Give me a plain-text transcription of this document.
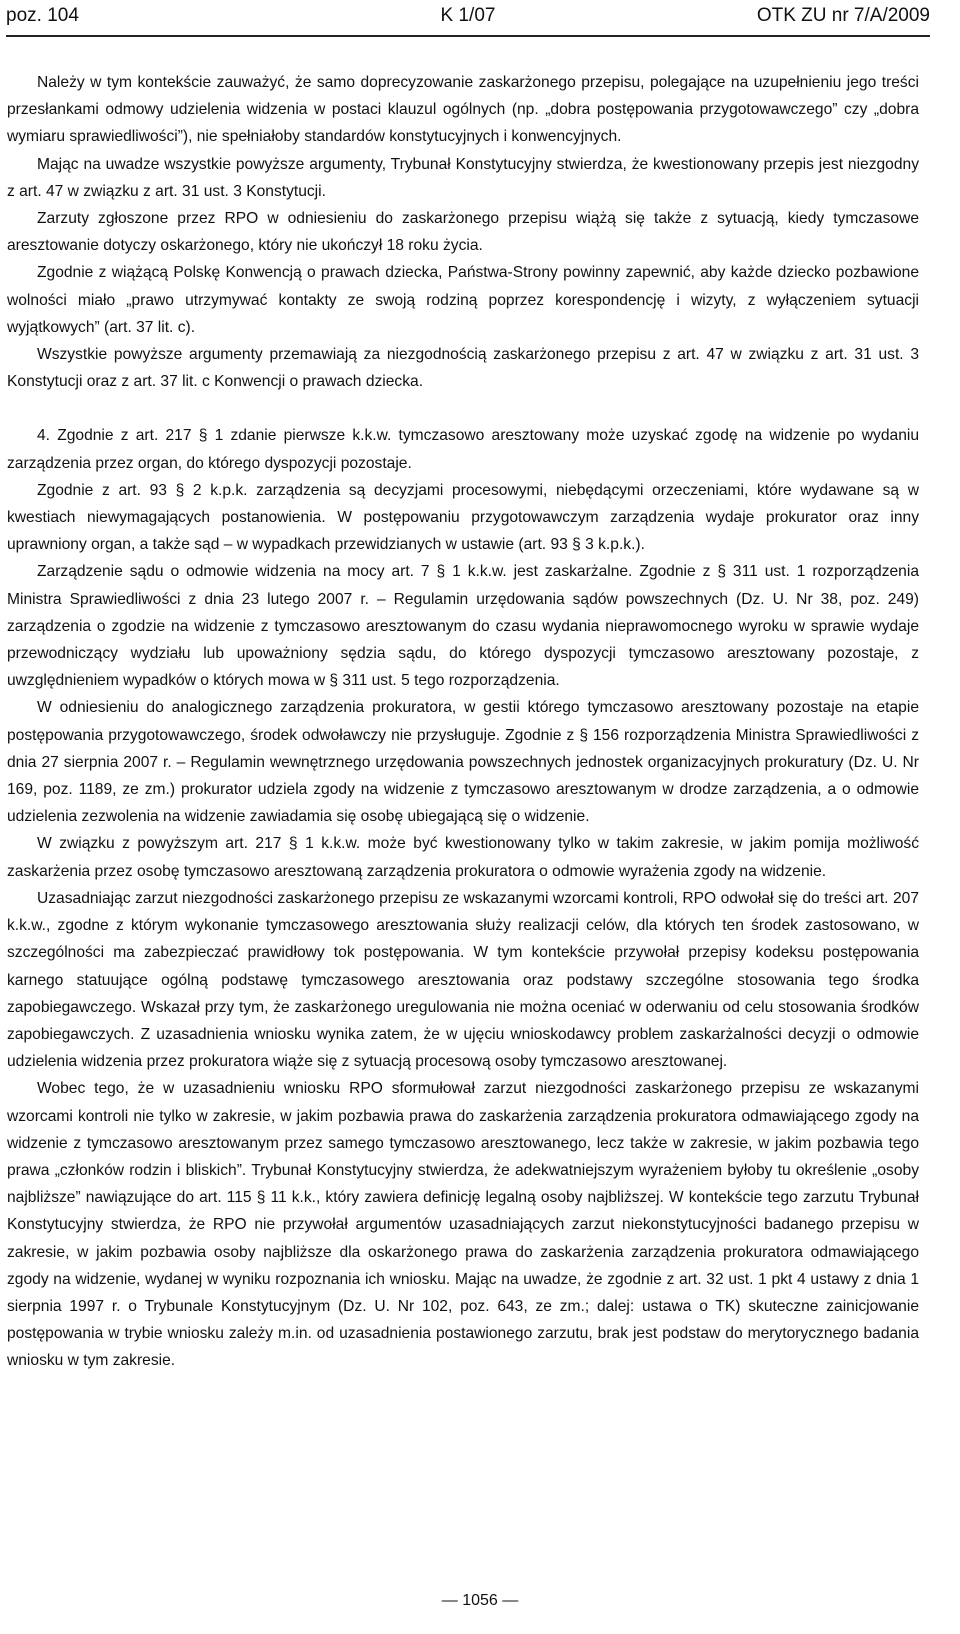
K 1/07
poz. 104	OTK ZU nr 7/A/2009

Należy w tym kontekście zauważyć, że samo doprecyzowanie zaskarżonego przepisu, polegające na uzupełnieniu jego treści przesłankami odmowy udzielenia widzenia w postaci klauzul ogólnych (np. „dobra postępowania przygotowawczego” czy „dobra wymiaru sprawiedliwości”), nie spełniałoby standardów konstytucyjnych i konwencyjnych.

Mając na uwadze wszystkie powyższe argumenty, Trybunał Konstytucyjny stwierdza, że kwestionowany przepis jest niezgodny z art. 47 w związku z art. 31 ust. 3 Konstytucji.

Zarzuty zgłoszone przez RPO w odniesieniu do zaskarżonego przepisu wiążą się także z sytuacją, kiedy tymczasowe aresztowanie dotyczy oskarżonego, który nie ukończył 18 roku życia.

Zgodnie z wiążącą Polskę Konwencją o prawach dziecka, Państwa-Strony powinny zapewnić, aby każde dziecko pozbawione wolności miało „prawo utrzymywać kontakty ze swoją rodziną poprzez korespondencję i wizyty, z wyłączeniem sytuacji wyjątkowych” (art. 37 lit. c).

Wszystkie powyższe argumenty przemawiają za niezgodnością zaskarżonego przepisu z art. 47 w związku z art. 31 ust. 3 Konstytucji oraz z art. 37 lit. c Konwencji o prawach dziecka.

4. Zgodnie z art. 217 § 1 zdanie pierwsze k.k.w. tymczasowo aresztowany może uzyskać zgodę na widzenie po wydaniu zarządzenia przez organ, do którego dyspozycji pozostaje.

Zgodnie z art. 93 § 2 k.p.k. zarządzenia są decyzjami procesowymi, niebędącymi orzeczeniami, które wydawane są w kwestiach niewymagających postanowienia. W postępowaniu przygotowawczym zarządzenia wydaje prokurator oraz inny uprawniony organ, a także sąd – w wypadkach przewidzianych w ustawie (art. 93 § 3 k.p.k.).

Zarządzenie sądu o odmowie widzenia na mocy art. 7 § 1 k.k.w. jest zaskarżalne. Zgodnie z § 311 ust. 1 rozporządzenia Ministra Sprawiedliwości z dnia 23 lutego 2007 r. – Regulamin urzędowania sądów powszechnych (Dz. U. Nr 38, poz. 249) zarządzenia o zgodzie na widzenie z tymczasowo aresztowanym do czasu wydania nieprawomocnego wyroku w sprawie wydaje przewodniczący wydziału lub upoważniony sędzia sądu, do którego dyspozycji tymczasowo aresztowany pozostaje, z uwzględnieniem wypadków o których mowa w § 311 ust. 5 tego rozporządzenia.

W odniesieniu do analogicznego zarządzenia prokuratora, w gestii którego tymczasowo aresztowany pozostaje na etapie postępowania przygotowawczego, środek odwoławczy nie przysługuje. Zgodnie z § 156 rozporządzenia Ministra Sprawiedliwości z dnia 27 sierpnia 2007 r. – Regulamin wewnętrznego urzędowania powszechnych jednostek organizacyjnych prokuratury (Dz. U. Nr 169, poz. 1189, ze zm.) prokurator udziela zgody na widzenie z tymczasowo aresztowanym w drodze zarządzenia, a o odmowie udzielenia zezwolenia na widzenie zawiadamia się osobę ubiegającą się o widzenie.

W związku z powyższym art. 217 § 1 k.k.w. może być kwestionowany tylko w takim zakresie, w jakim pomija możliwość zaskarżenia przez osobę tymczasowo aresztowaną zarządzenia prokuratora o odmowie wyrażenia zgody na widzenie.

Uzasadniając zarzut niezgodności zaskarżonego przepisu ze wskazanymi wzorcami kontroli, RPO odwołał się do treści art. 207 k.k.w., zgodne z którym wykonanie tymczasowego aresztowania służy realizacji celów, dla których ten środek zastosowano, w szczególności ma zabezpieczać prawidłowy tok postępowania. W tym kontekście przywołał przepisy kodeksu postępowania karnego statuujące ogólną podstawę tymczasowego aresztowania oraz podstawy szczególne stosowania tego środka zapobiegawczego. Wskazał przy tym, że zaskarżonego uregulowania nie można oceniać w oderwaniu od celu stosowania środków zapobiegawczych. Z uzasadnienia wniosku wynika zatem, że w ujęciu wnioskodawcy problem zaskarżalności decyzji o odmowie udzielenia widzenia przez prokuratora wiąże się z sytuacją procesową osoby tymczasowo aresztowanej.

Wobec tego, że w uzasadnieniu wniosku RPO sformułował zarzut niezgodności zaskarżonego przepisu ze wskazanymi wzorcami kontroli nie tylko w zakresie, w jakim pozbawia prawa do zaskarżenia zarządzenia prokuratora odmawiającego zgody na widzenie z tymczasowo aresztowanym przez samego tymczasowo aresztowanego, lecz także w zakresie, w jakim pozbawia tego prawa „członków rodzin i bliskich”. Trybunał Konstytucyjny stwierdza, że adekwatniejszym wyrażeniem byłoby tu określenie „osoby najbliższe” nawiązujące do art. 115 § 11 k.k., który zawiera definicję legalną osoby najbliższej. W kontekście tego zarzutu Trybunał Konstytucyjny stwierdza, że RPO nie przywołał argumentów uzasadniających zarzut niekonstytucyjności badanego przepisu w zakresie, w jakim pozbawia osoby najbliższe dla oskarżonego prawa do zaskarżenia zarządzenia prokuratora odmawiającego zgody na widzenie, wydanej w wyniku rozpoznania ich wniosku. Mając na uwadze, że zgodnie z art. 32 ust. 1 pkt 4 ustawy z dnia 1 sierpnia 1997 r. o Trybunale Konstytucyjnym (Dz. U. Nr 102, poz. 643, ze zm.; dalej: ustawa o TK) skuteczne zainicjowanie postępowania w trybie wniosku zależy m.in. od uzasadnienia postawionego zarzutu, brak jest podstaw do merytorycznego badania wniosku w tym zakresie.

— 1056 —
